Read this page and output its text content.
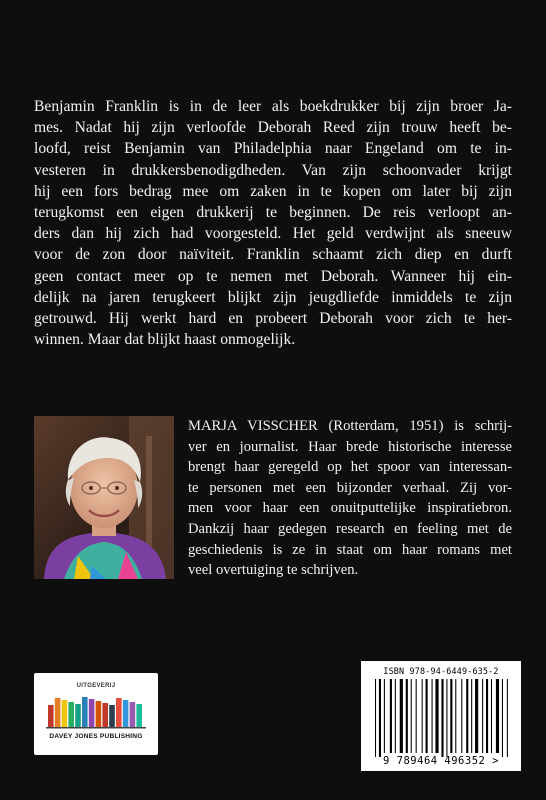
Benjamin Franklin is in de leer als boekdrukker bij zijn broer Ja-
mes. Nadat hij zijn verloofde Deborah Reed zijn trouw heeft be-
loofd, reist Benjamin van Philadelphia naar Engeland om te in-
vesteren in drukkersbenodigdheden. Van zijn schoonvader krijgt
hij een fors bedrag mee om zaken in te kopen om later bij zijn
terugkomst een eigen drukkerij te beginnen. De reis verloopt an-
ders dan hij zich had voorgesteld. Het geld verdwijnt als sneeuw
voor de zon door naïviteit. Franklin schaamt zich diep en durft
geen contact meer op te nemen met Deborah. Wanneer hij ein-
delijk na jaren terugkeert blijkt zijn jeugdliefde inmiddels te zijn
getrouwd. Hij werkt hard en probeert Deborah voor zich te her-
winnen. Maar dat blijkt haast onmogelijk.
MARJA VISSCHER (Rotterdam, 1951) is schrij-
ver en journalist. Haar brede historische interesse
brengt haar geregeld op het spoor van interessan-
te personen met een bijzonder verhaal. Zij vor-
men voor haar een onuitputtelijke inspiratiebron.
Dankzij haar gedegen research en feeling met de
geschiedenis is ze in staat om haar romans met
veel overtuiging te schrijven.
UITGEVERIJ
DAVEY JONES PUBLISHING
ISBN 978-94-6449-635-2
9 789464 496352 >
